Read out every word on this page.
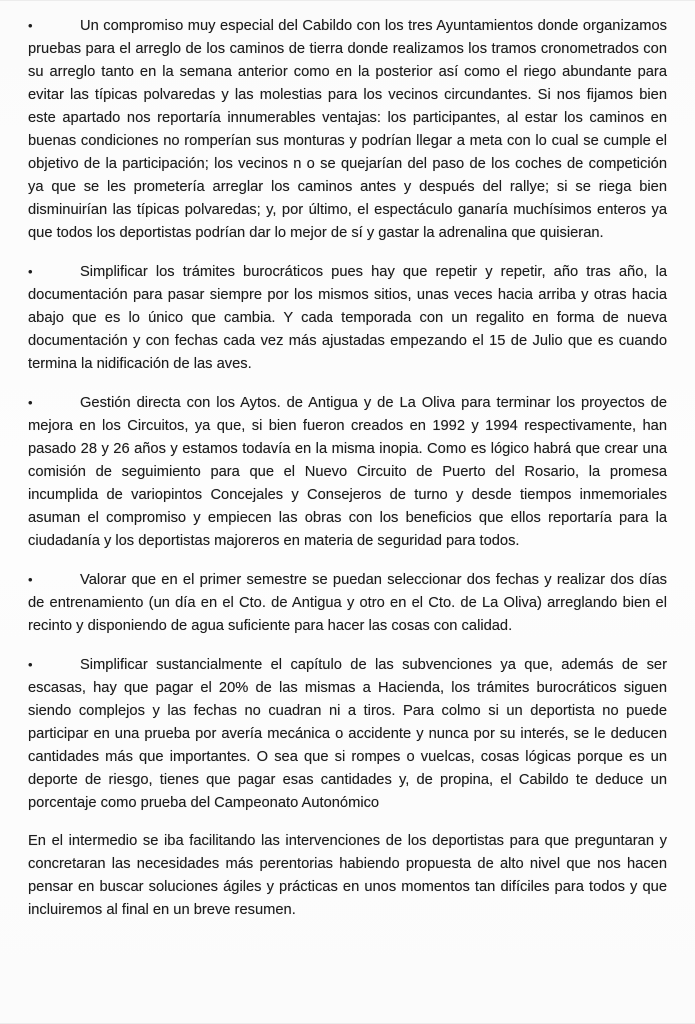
•	Un compromiso muy especial del Cabildo con los tres Ayuntamientos donde organizamos pruebas para el arreglo de los caminos de tierra donde realizamos los tramos cronometrados con su arreglo tanto en la semana anterior como en la posterior así como el riego abundante para evitar las típicas polvaredas y las molestias para los vecinos circundantes. Si nos fijamos bien este apartado nos reportaría innumerables ventajas: los participantes, al estar los caminos en buenas condiciones no romperían sus monturas y podrían llegar a meta con lo cual se cumple el objetivo de la participación; los vecinos n o se quejarían del paso de los coches de competición ya que se les prometería arreglar los caminos antes y después del rallye; si se riega bien disminuirían las típicas polvaredas; y, por último, el espectáculo ganaría muchísimos enteros ya que todos los deportistas podrían dar lo mejor de sí y gastar la adrenalina que quisieran.

•	Simplificar los trámites burocráticos pues hay que repetir y repetir, año tras año, la documentación para pasar siempre por los mismos sitios, unas veces hacia arriba y otras hacia abajo que es lo único que cambia. Y cada temporada con un regalito en forma de nueva documentación y con fechas cada vez más ajustadas empezando el 15 de Julio que es cuando termina la nidificación de las aves.

•	Gestión directa con los Aytos. de Antigua y de La Oliva para terminar los proyectos de mejora en los Circuitos, ya que, si bien fueron creados en 1992 y 1994 respectivamente, han pasado 28 y 26 años y estamos todavía en la misma inopia. Como es lógico habrá que crear una comisión de seguimiento para que el Nuevo Circuito de Puerto del Rosario, la promesa incumplida de variopintos Concejales y Consejeros de turno y desde tiempos inmemoriales asuman el compromiso y empiecen las obras con los beneficios que ellos reportaría para la ciudadanía y los deportistas majoreros en materia de seguridad para todos.

•	Valorar que en el primer semestre se puedan seleccionar dos fechas y realizar dos días de entrenamiento (un día en el Cto. de Antigua y otro en el Cto. de La Oliva) arreglando bien el recinto y disponiendo de agua suficiente para hacer las cosas con calidad.

•	Simplificar sustancialmente el capítulo de las subvenciones ya que, además de ser escasas, hay que pagar el 20% de las mismas a Hacienda, los trámites burocráticos siguen siendo complejos y las fechas no cuadran ni a tiros. Para colmo si un deportista no puede participar en una prueba por avería mecánica o accidente y nunca por su interés, se le deducen cantidades más que importantes. O sea que si rompes o vuelcas, cosas lógicas porque es un deporte de riesgo, tienes que pagar esas cantidades y, de propina, el Cabildo te deduce un porcentaje como prueba del Campeonato Autonómico

En el intermedio se iba facilitando las intervenciones de los deportistas para que preguntaran y concretaran las necesidades más perentorias habiendo propuesta de alto nivel que nos hacen pensar en buscar soluciones ágiles y prácticas en unos momentos tan difíciles para todos y que incluiremos al final en un breve resumen.
